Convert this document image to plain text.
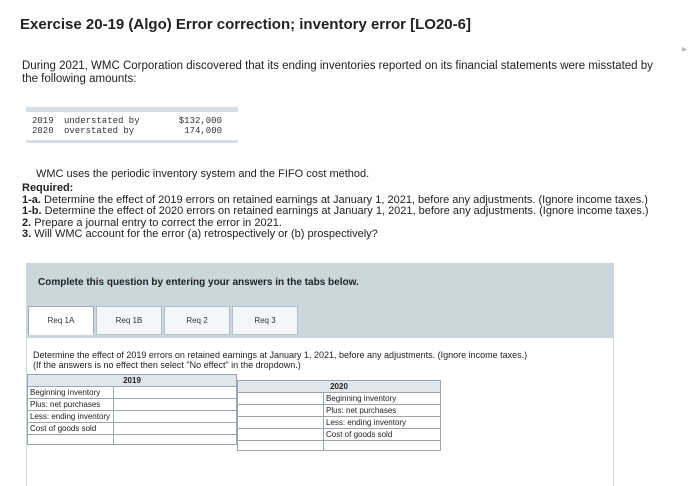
Exercise 20-19 (Algo) Error correction; inventory error [LO20-6]
▸
During 2021, WMC Corporation discovered that its ending inventories reported on its financial statements were misstated by the following amounts:
2019	understated by	$132,000
2020	overstated by	174,000
WMC uses the periodic inventory system and the FIFO cost method.
Required:
1-a. Determine the effect of 2019 errors on retained earnings at January 1, 2021, before any adjustments. (Ignore income taxes.)
1-b. Determine the effect of 2020 errors on retained earnings at January 1, 2021, before any adjustments. (Ignore income taxes.)
2. Prepare a journal entry to correct the error in 2021.
3. Will WMC account for the error (a) retrospectively or (b) prospectively?
Complete this question by entering your answers in the tabs below.
Req 1A	Req 1B	Req 2	Req 3
Determine the effect of 2019 errors on retained earnings at January 1, 2021, before any adjustments. (Ignore income taxes.)
(If the answers is no effect then select "No effect" in the dropdown.)
2019	
Beginning inventory	
Plus: net purchases	
Less: ending inventory	
Cost of goods sold	

2020	
	Beginning inventory
	Plus: net purchases
	Less: ending inventory
	Cost of goods sold
